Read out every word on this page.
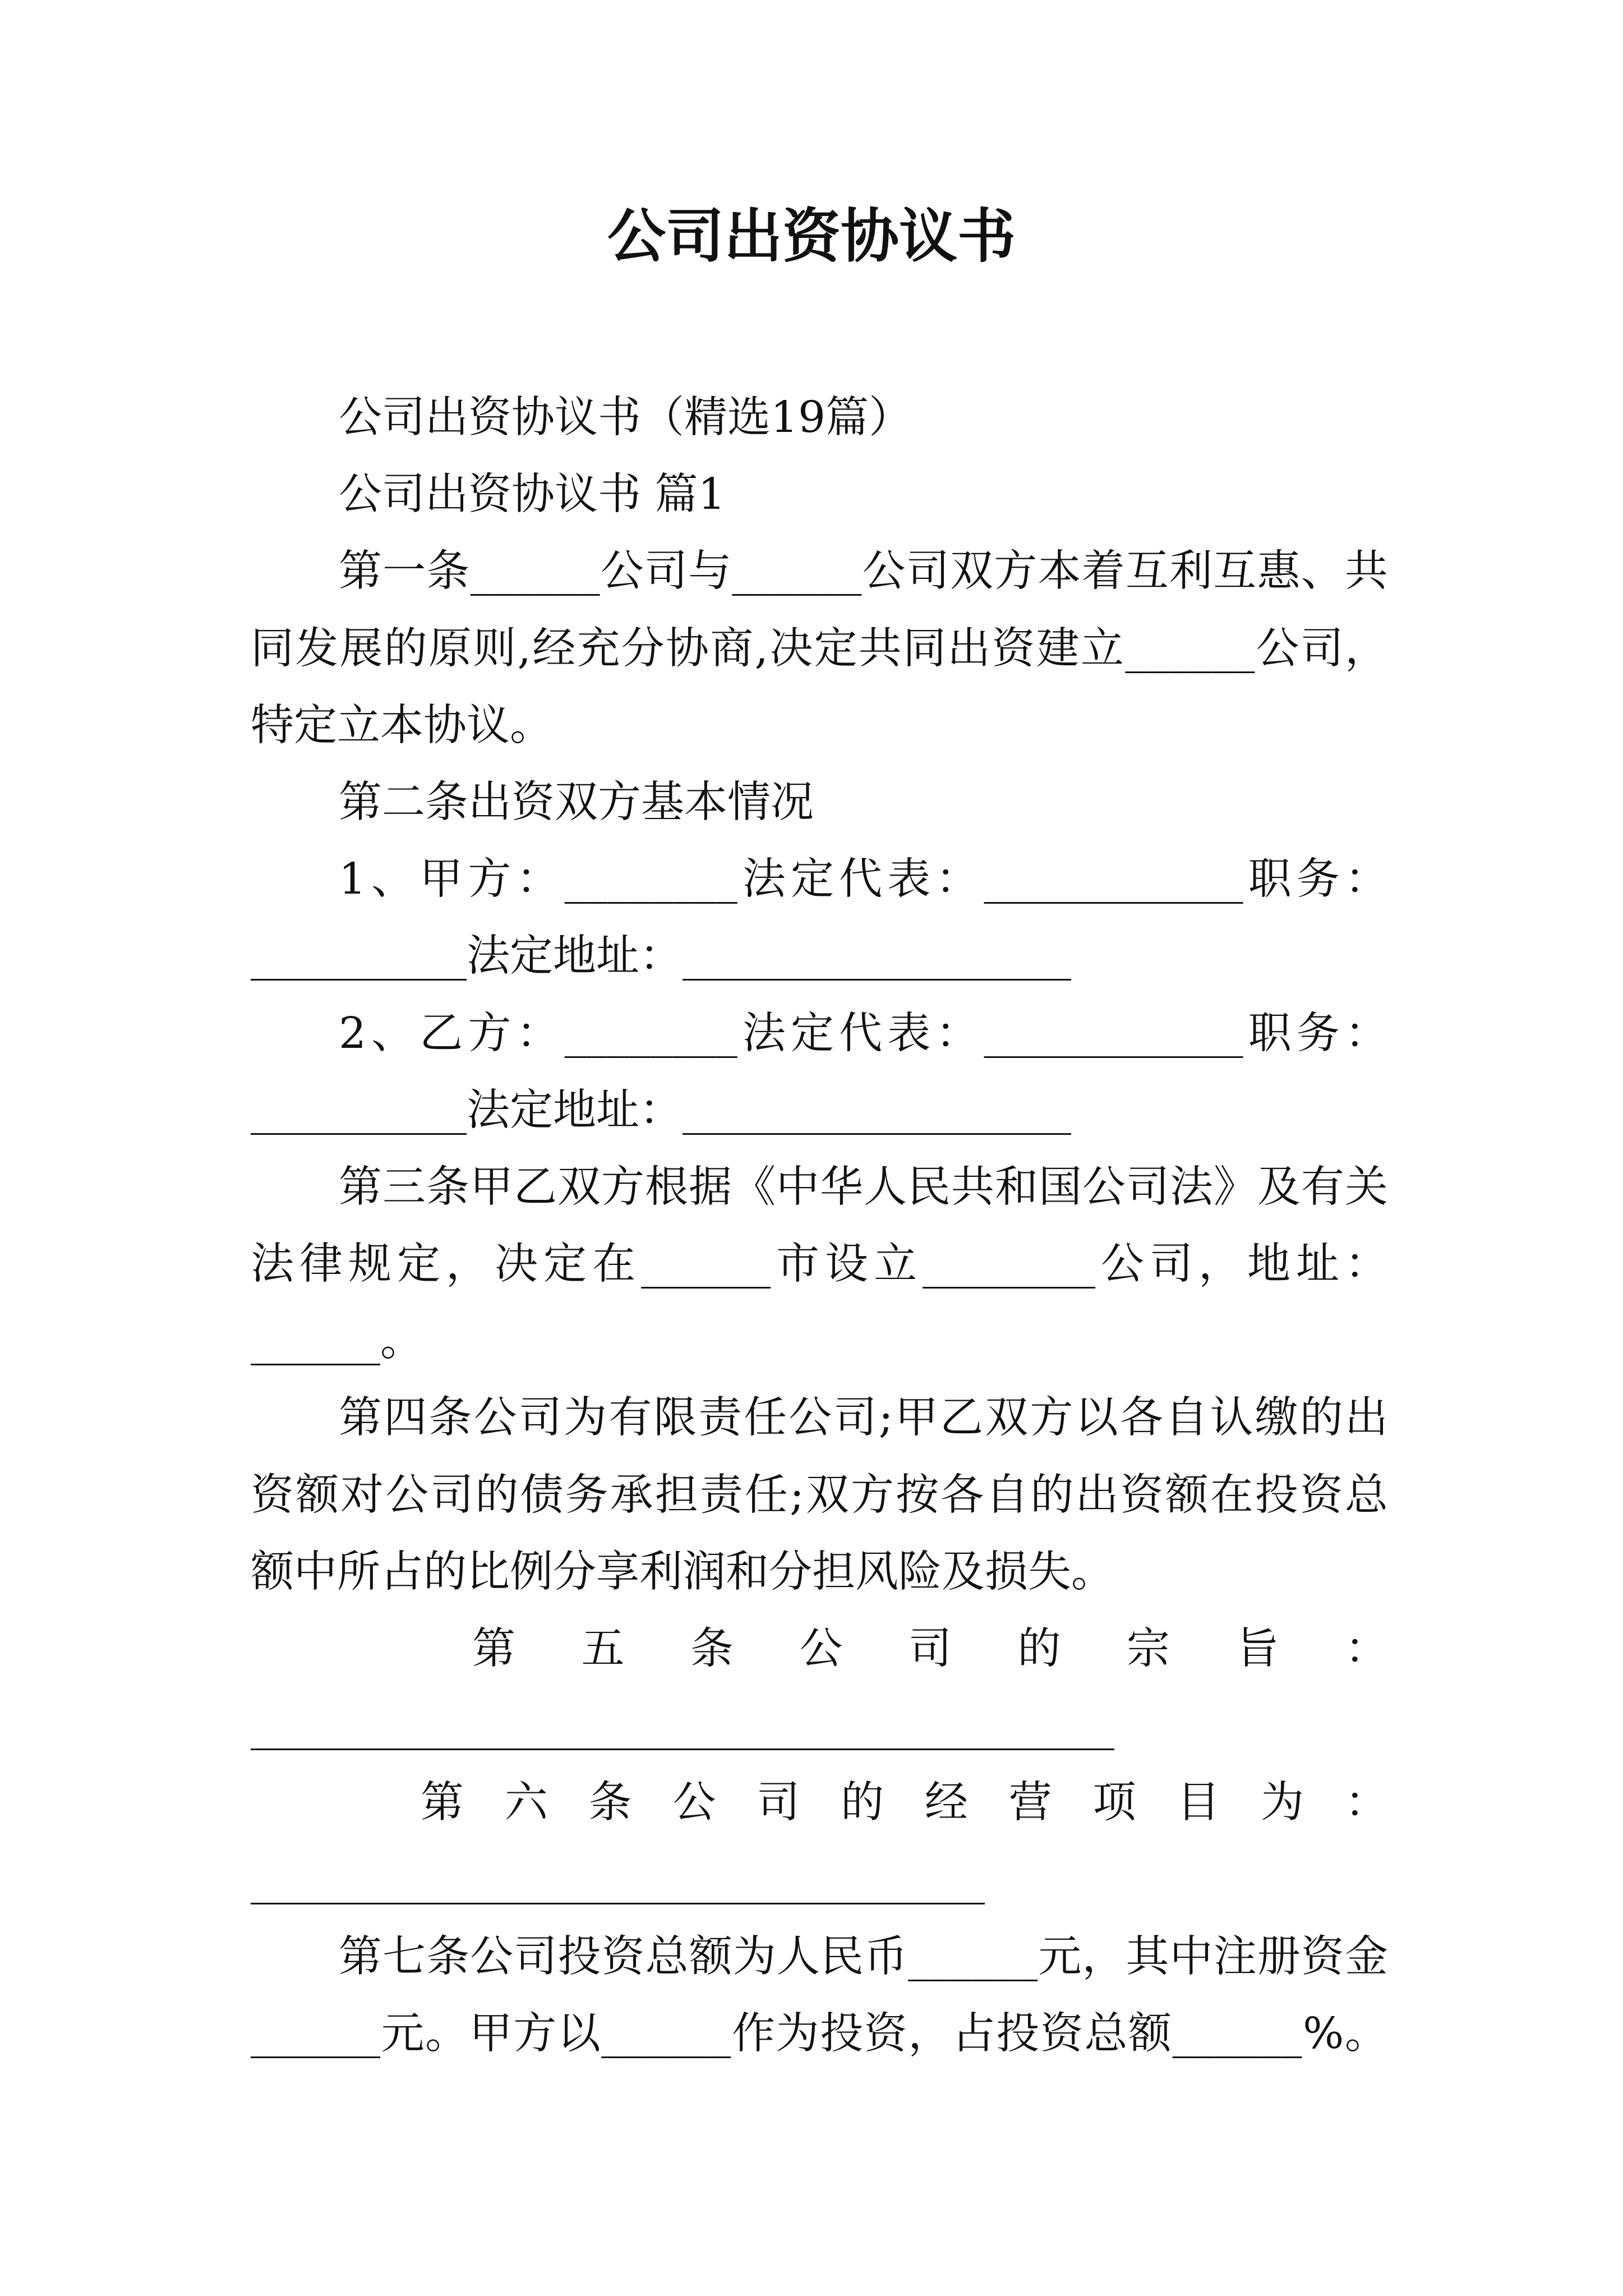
公司出资协议书
公司出资协议书（精选19篇）
公司出资协议书 篇1
第 一 条 ______ 公 司 与 ______ 公 司 双 方 本 着 互 利 互 惠 、 共
同 发 展 的 原 则 , 经 充 分 协 商 , 决 定 共 同 出 资 建 立 ______ 公 司 ，
特定立本协议。
第二条出资双方基本情况
1 、 甲 方 ： ________ 法 定 代 表 ： ____________ 职 务 ：
__________法定地址：__________________
2 、 乙 方 ： ________ 法 定 代 表 ： ____________ 职 务 ：
__________法定地址：__________________
第 三 条 甲 乙 双 方 根 据 《 中 华 人 民 共 和 国 公 司 法 》 及 有 关
法 律 规 定 ， 决 定 在 ______ 市 设 立 ________ 公 司 ， 地 址 ：
______。
第 四 条 公 司 为 有 限 责 任 公 司 ; 甲 乙 双 方 以 各 自 认 缴 的 出
资 额 对 公 司 的 债 务 承 担 责 任 ; 双 方 按 各 自 的 出 资 额 在 投 资 总
额中所占的比例分享利润和分担风险及损失。
第 五 条 公 司 的 宗 旨 ：
________________________________________
第 六 条 公 司 的 经 营 项 目 为 ：
__________________________________
第 七 条 公 司 投 资 总 额 为 人 民 币 ______ 元 ， 其 中 注 册 资 金
______ 元 。 甲 方 以 ______ 作 为 投 资 ， 占 投 资 总 额 ______ % 。
